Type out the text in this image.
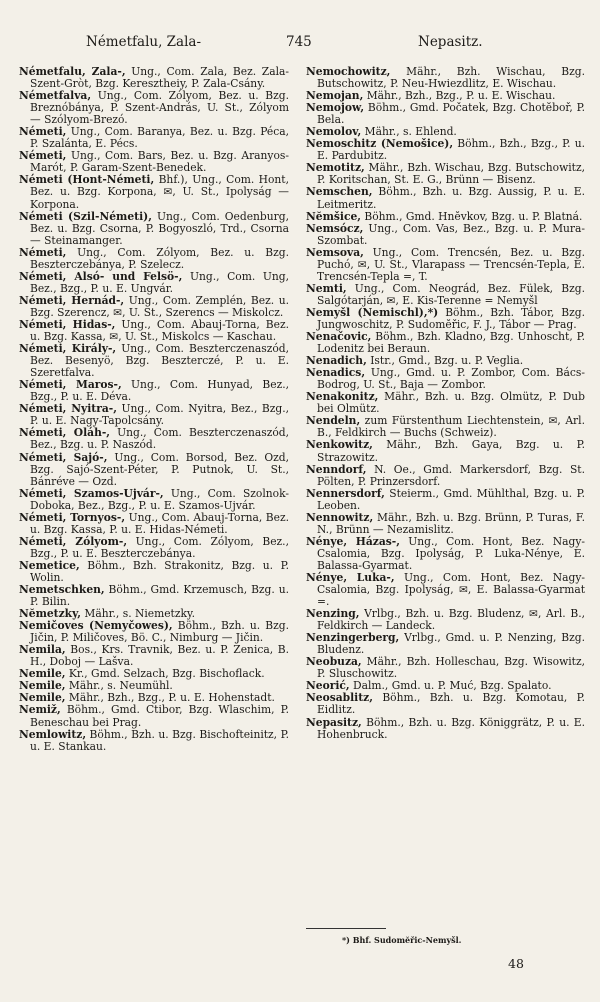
Németfalu, Zala-	745	Nepasitz.

Németfalu, Zala-, Ung., Com. Zala, Bez. Zala-Szent-Gròt, Bzg. Keresztheiy, P. Zala-Csány.

Németfalva, Ung., Com. Zólyom, Bez. u. Bzg. Breznóbánya, P. Szent-András, U. St., Zólyom — Szólyom-Brezó.

Németi, Ung., Com. Baranya, Bez. u. Bzg. Péca, P. Szalánta, E. Pécs.

Németi, Ung., Com. Bars, Bez. u. Bzg. Aranyos-Marót, P. Garam-Szent-Benedek.

Németi (Hont-Németi, Bhf.), Ung., Com. Hont, Bez. u. Bzg. Korpona, ✉, U. St., Ipolyság — Korpona.

Németi (Szil-Németi), Ung., Com. Oedenburg, Bez. u. Bzg. Csorna, P. Bogyoszló, Trd., Csorna — Steinamanger.

Németi, Ung., Com. Zólyom, Bez. u. Bzg. Beszterczebánya, P. Szelecz.

Németi, Alsó- und Felsö-, Ung., Com. Ung, Bez., Bzg., P. u. E. Ungvár.

Németi, Hernád-, Ung., Com. Zemplén, Bez. u. Bzg. Szerencz, ✉, U. St., Szerencs — Miskolcz.

Németi, Hidas-, Ung., Com. Abauj-Torna, Bez. u. Bzg. Kassa, ✉, U. St., Miskolcs — Kaschau.

Németi, Király-, Ung., Com. Beszterczenaszód, Bez. Besenyö, Bzg. Beszterczé, P. u. E. Szeretfalva.

Németi, Maros-, Ung., Com. Hunyad, Bez., Bzg., P. u. E. Déva.

Németi, Nyitra-, Ung., Com. Nyitra, Bez., Bzg., P. u. E. Nagy-Tapolcsány.

Németi, Oláh-, Ung., Com. Beszterczenaszód, Bez., Bzg. u. P. Naszód.

Németi, Sajó-, Ung., Com. Borsod, Bez. Ozd, Bzg. Sajó-Szent-Péter, P. Putnok, U. St., Bánréve — Ozd.

Németi, Szamos-Ujvár-, Ung., Com. Szolnok-Doboka, Bez., Bzg., P. u. E. Szamos-Ujvár.

Németi, Tornyos-, Ung., Com. Abauj-Torna, Bez. u. Bzg. Kassa, P. u. E. Hidas-Németi.

Németi, Zólyom-, Ung., Com. Zólyom, Bez., Bzg., P. u. E. Beszterczebánya.

Nemetice, Böhm., Bzh. Strakonitz, Bzg. u. P. Wolin.

Nemetschken, Böhm., Gmd. Krzemusch, Bzg. u. P. Bilin.

Nĕmetzky, Mähr., s. Niemetzky.

Nemičoves (Nemyčowes), Böhm., Bzh. u. Bzg. Jičin, P. Miličoves, Bö. C., Nimburg — Jičin.

Nemila, Bos., Krs. Travnik, Bez. u. P. Zenica, B. H., Doboj — Lašva.

Nemile, Kr., Gmd. Selzach, Bzg. Bischoflack.

Nemile, Mähr., s. Neumühl.

Nemile, Mähr., Bzh., Bzg., P. u. E. Hohenstadt.

Nemiž, Böhm., Gmd. Ctibor, Bzg. Wlaschim, P. Beneschau bei Prag.

Nemlowitz, Böhm., Bzh. u. Bzg. Bischofteinitz, P. u. E. Stankau.

Nemochowitz, Mähr., Bzh. Wischau, Bzg. Butschowitz, P. Neu-Hwiezdlitz, E. Wischau.

Nemojan, Mähr., Bzh., Bzg., P. u. E. Wischau.

Nemojow, Böhm., Gmd. Počatek, Bzg. Chotĕboř, P. Bela.

Nemolov, Mähr., s. Ehlend.

Nemoschitz (Nemošice), Böhm., Bzh., Bzg., P. u. E. Pardubitz.

Nemotitz, Mähr., Bzh. Wischau, Bzg. Butschowitz, P. Koritschan, St. E. G., Brünn — Bisenz.

Nemschen, Böhm., Bzh. u. Bzg. Aussig, P. u. E. Leitmeritz.

Nĕmšice, Böhm., Gmd. Hnĕvkov, Bzg. u. P. Blatná.

Nemsócz, Ung., Com. Vas, Bez., Bzg. u. P. Mura-Szombat.

Nemsova, Ung., Com. Trencsén, Bez. u. Bzg. Puchó, ✉, U. St., Vlarapass — Trencsén-Tepla, E. Trencsén-Tepla =, T.

Nemti, Ung., Com. Neográd, Bez. Fülek, Bzg. Salgótarján, ✉, E. Kis-Terenne = Nemyšl

Nemyšl (Nemischl),*) Böhm., Bzh. Tábor, Bzg. Jungwoschitz, P. Sudomĕřic, F. J., Tábor — Prag.

Nenačovic, Böhm., Bzh. Kladno, Bzg. Unhoscht, P. Lodenitz bei Beraun.

Nenadich, Istr., Gmd., Bzg. u. P. Veglia.

Nenadics, Ung., Gmd. u. P. Zombor, Com. Bács-Bodrog, U. St., Baja — Zombor.

Nenakonitz, Mähr., Bzh. u. Bzg. Olmütz, P. Dub bei Olmütz.

Nendeln, zum Fürstenthum Liechtenstein, ✉, Arl. B., Feldkirch — Buchs (Schweiz).

Nenkowitz, Mähr., Bzh. Gaya, Bzg. u. P. Strazowitz.

Nenndorf, N. Oe., Gmd. Markersdorf, Bzg. St. Pölten, P. Prinzersdorf.

Nennersdorf, Steierm., Gmd. Mühlthal, Bzg. u. P. Leoben.

Nennowitz, Mähr., Bzh. u. Bzg. Brünn, P. Turas, F. N., Brünn — Nezamislitz.

Nénye, Házas-, Ung., Com. Hont, Bez. Nagy-Csalomia, Bzg. Ipolyság, P. Luka-Nénye, E. Balassa-Gyarmat.

Nénye, Luka-, Ung., Com. Hont, Bez. Nagy-Csalomia, Bzg. Ipolyság, ✉, E. Balassa-Gyarmat =.

Nenzing, Vrlbg., Bzh. u. Bzg. Bludenz, ✉, Arl. B., Feldkirch — Landeck.

Nenzingerberg, Vrlbg., Gmd. u. P. Nenzing, Bzg. Bludenz.

Neobuza, Mähr., Bzh. Holleschau, Bzg. Wisowitz, P. Sluschowitz.

Neorić, Dalm., Gmd. u. P. Muć, Bzg. Spalato.

Neosablitz, Böhm., Bzh. u. Bzg. Komotau, P. Eidlitz.

Nepasitz, Böhm., Bzh. u. Bzg. Königgrätz, P. u. E. Hohenbruck.

*) Bhf. Sudomĕřic-Nemyšl.
48
